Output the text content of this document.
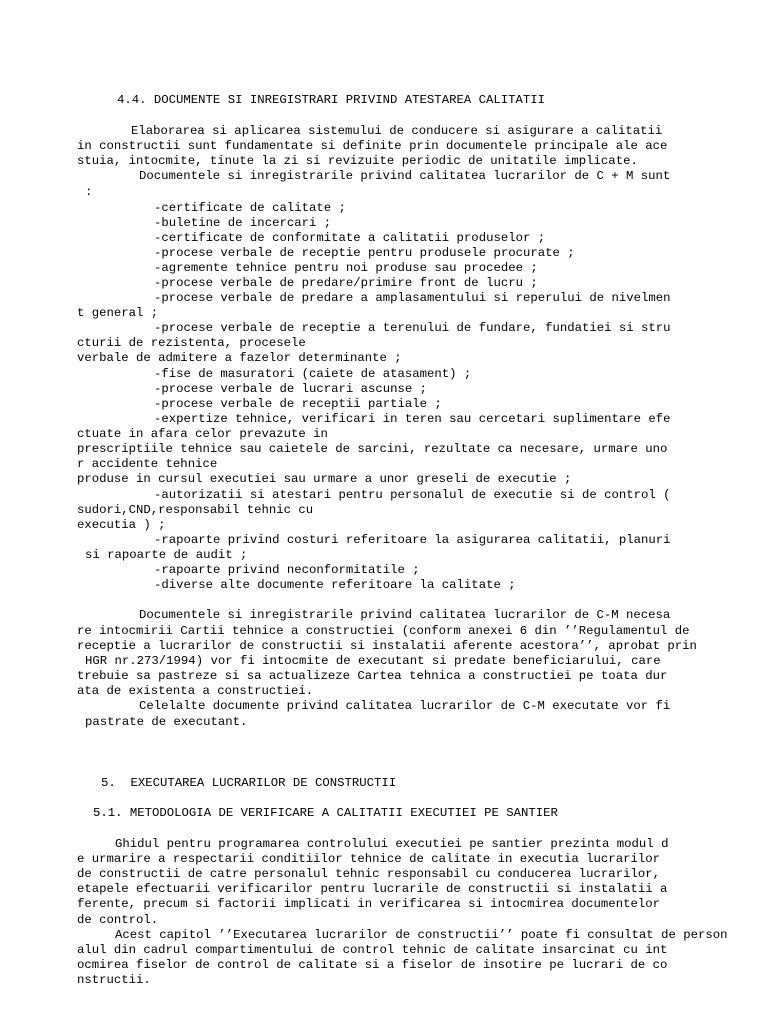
4.4. DOCUMENTE SI INREGISTRARI PRIVIND ATESTAREA CALITATII

Elaborarea si aplicarea sistemului de conducere si asigurare a calitatii

in constructii sunt fundamentate si definite prin documentele principale ale ace

stuia, intocmite, tinute la zi si revizuite periodic de unitatile implicate.

Documentele si inregistrarile privind calitatea lucrarilor de C + M sunt

:

-certificate de calitate ;

-buletine de incercari ;

-certificate de conformitate a calitatii produselor ;

-procese verbale de receptie pentru produsele procurate ;

-agremente tehnice pentru noi produse sau procedee ;

-procese verbale de predare/primire front de lucru ;

-procese verbale de predare a amplasamentului si reperului de nivelmen

t general ;

-procese verbale de receptie a terenului de fundare, fundatiei si stru

cturii de rezistenta, procesele

verbale de admitere a fazelor determinante ;

-fise de masuratori (caiete de atasament) ;

-procese verbale de lucrari ascunse ;

-procese verbale de receptii partiale ;

-expertize tehnice, verificari in teren sau cercetari suplimentare efe

ctuate in afara celor prevazute in

prescriptiile tehnice sau caietele de sarcini, rezultate ca necesare, urmare uno

r accidente tehnice

produse in cursul executiei sau urmare a unor greseli de executie ;

-autorizatii si atestari pentru personalul de executie si de control (

sudori,CND,responsabil tehnic cu

executia ) ;

-rapoarte privind costuri referitoare la asigurarea calitatii, planuri

si rapoarte de audit ;

-rapoarte privind neconformitatile ;

-diverse alte documente referitoare la calitate ;

Documentele si inregistrarile privind calitatea lucrarilor de C-M necesa

re intocmirii Cartii tehnice a constructiei (conform anexei 6 din ’’Regulamentul de

receptie a lucrarilor de constructii si instalatii aferente acestora’’, aprobat prin

HGR nr.273/1994) vor fi intocmite de executant si predate beneficiarului, care

trebuie sa pastreze si sa actualizeze Cartea tehnica a constructiei pe toata dur

ata de existenta a constructiei.

Celelalte documente privind calitatea lucrarilor de C-M executate vor fi

pastrate de executant.

5.  EXECUTAREA LUCRARILOR DE CONSTRUCTII

5.1. METODOLOGIA DE VERIFICARE A CALITATII EXECUTIEI PE SANTIER

Ghidul pentru programarea controlului executiei pe santier prezinta modul d

e urmarire a respectarii conditiilor tehnice de calitate in executia lucrarilor

de constructii de catre personalul tehnic responsabil cu conducerea lucrarilor,

etapele efectuarii verificarilor pentru lucrarile de constructii si instalatii a

ferente, precum si factorii implicati in verificarea si intocmirea documentelor

de control.

Acest capitol ’’Executarea lucrarilor de constructii’’ poate fi consultat de person

alul din cadrul compartimentului de control tehnic de calitate insarcinat cu int

ocmirea fiselor de control de calitate si a fiselor de insotire pe lucrari de co

nstructii.
